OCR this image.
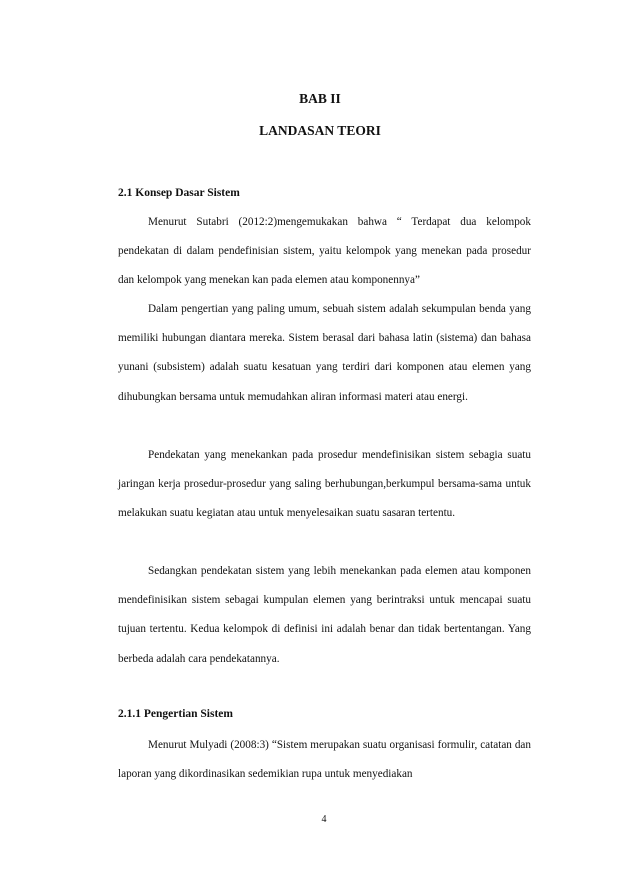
BAB II
LANDASAN TEORI
2.1 Konsep Dasar Sistem

Menurut Sutabri (2012:2)mengemukakan bahwa “ Terdapat dua kelompok pendekatan di dalam pendefinisian sistem, yaitu kelompok yang menekan pada prosedur dan kelompok yang menekan kan pada elemen atau komponennya”

Dalam pengertian yang paling umum, sebuah sistem adalah sekumpulan benda yang memiliki hubungan diantara mereka. Sistem berasal dari bahasa latin (sistema) dan bahasa yunani (subsistem) adalah suatu kesatuan yang terdiri dari komponen atau elemen yang dihubungkan bersama untuk memudahkan aliran informasi materi atau energi.

Pendekatan yang menekankan pada prosedur mendefinisikan sistem sebagia suatu jaringan kerja prosedur-prosedur yang saling berhubungan,berkumpul bersama-sama untuk melakukan suatu kegiatan atau untuk menyelesaikan suatu sasaran tertentu.

Sedangkan pendekatan sistem yang lebih menekankan pada elemen atau komponen mendefinisikan sistem sebagai kumpulan elemen yang berintraksi untuk mencapai suatu tujuan tertentu. Kedua kelompok di definisi ini adalah benar dan tidak bertentangan. Yang berbeda adalah cara pendekatannya.

2.1.1 Pengertian Sistem

Menurut Mulyadi (2008:3) “Sistem merupakan suatu organisasi formulir, catatan dan laporan yang dikordinasikan sedemikian rupa untuk menyediakan

4
